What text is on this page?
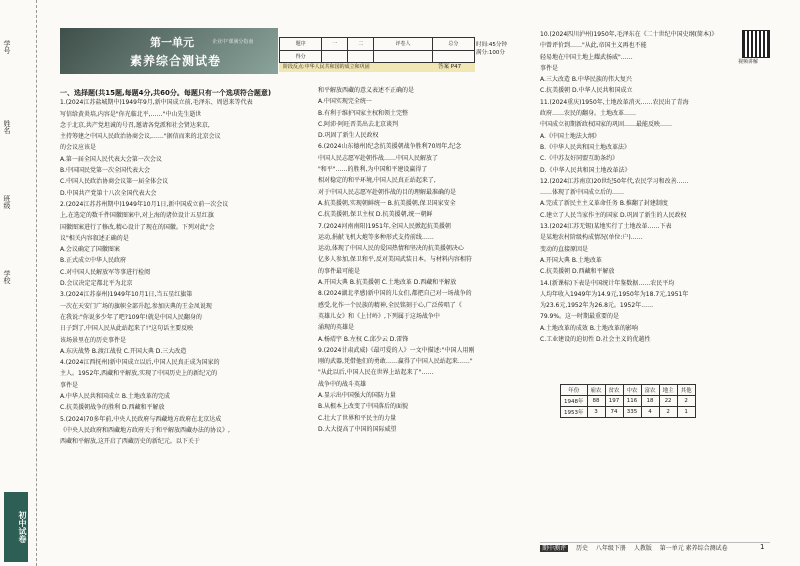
学号
姓名
班级
学校
初中试卷
第一单元
素养综合测试卷
企业中'课满分指南	题序	一	二	评卷人	总分
得分				
时间:45分钟
满分:100分
阶段反点:中华人民共和国的成立和巩固	答案 P47
视频讲解
一、选择题(共15题,每题4分,共60分。每题只有一个选项符合题意)
1.(2024江苏盐城期中)1949年9月,新中国成立前,毛泽东、周恩来等代表
写信给黄炎培,内容是"你光临北平,……"中山先生逝世
念于北京,共产党坦诚的号召,邀请各党派和社会贤达来京,
主持筹建之中国人民政治协商会议,……"据信而来的北京会议
的会议应该是
A.第一届全国人民代表大会第一次会议
B.中国国民党第一次全国代表大会
C.中国人民政治协商会议第一届全体会议
D.中国共产党第十八次全国代表大会
2.(2024江苏苏州期中)1949年10月1日,新中国成立前一次会议
上,在选定的数千件国徽图案中,对上海的诸位设计五星红旗
国徽图案进行了修改,精心设计了现在的国徽。下列对此"会
议"相关内容叙述正确的是
A.会议确定了国徽图案
B.正式成立中华人民政府
C.对中国人民解放军等事进行检阅
D.会议决定定都北平为北京
3.(2024江苏泰州)1949年10月1日,当五星红旗第
一次在天安门广场的旗帜全部升起,参加庆典的王金凤说现
在我说:"你说多少年了吧?109年!就是中国人民翻身的
日子到了,中国人民从此站起来了!"这句话主要反映
该场景里在的历史事件是
A.东庆战势 B.渡江战役 C.开国大典 D.三大改造
4.(2024江西抚州)新中国成立以后,中国人民真正成为国家的
主人。1952年,西藏和平解放,实现了中国历史上的新纪元的
事件是
A.中华人民共和国成立 B.土地改革的完成
C.抗美援朝战争的胜利 D.西藏和平解放
5.(2024)70多年前,中央人民政府与西藏地方政府在北京达成
《中央人民政府和西藏地方政府关于和平解放西藏办法的协议》,
西藏和平解放,这开启了西藏历史的新纪元。以下关于
和平解放西藏的意义表述不正确的是
A.中国实现完全统一
B.有利于维护国家主权和领土完整
C.阿沛·阿旺晋美出去北京谈判
D.巩固了新生人民政权
6.(2024山东德州)纪念抗美援朝战争胜利70周年,纪念
中国人民志愿军赴朝作战……中国人民解放了
"和平"……的胜利,为中国和平建设赢得了
相对稳定的和平环境,中国人民真正站起来了,
对于中国人民志愿军赴朝作战的目的理解最准确的是
A.抗美援朝,实现朝鲜统一 B.抗美援朝,保卫国家安全
C.抗美援朝,保卫主权 D.抗美援朝,统一朝鲜
7.(2024河南南阳)1951年,全国人民掀起抗美援朝
运动,捐献飞机大炮等多种形式支持前线……
运动,体现了中国人民的爱国热情和坚决的抗美援朝决心
亿多人参加,保卫和平,反对美国武装日本。与材料内容相符
的事件最可能是
A.开国大典 B.抗美援朝 C.土地改革 D.西藏和平解放
8.(2024湖北孝感)新中国的儿女们,都把自己对一场战争的
感受,化作一个民族的精神,全民铭刻于心,广泛传唱了《
英雄儿女》和《上甘岭》,下列属于这场战争中
涌现的英雄是
A.杨靖宇 B.左权 C.邱少云 D.雷锋
9.(2024甘肃武威)《最可爱的人》一文中描述:"中国人用刚
刚的武器,凭借他们的勇敢……赢得了中国人民站起来……"
"从此以后,中国人民在世界上站起来了"……
战争中的战斗英雄
A.显示出中国强大的国防力量
B.从根本上改变了中国落后的面貌
C.壮大了世界和平民主的力量
D.大大提高了中国的国际威望
10.(2024四川泸州)1950年,毛泽东在《二十世纪中国史纲(简本)》
中曾评价到……"从此,帝国主义再也不能
轻易地在中国土地上耀武扬威"……
事件是
A.三大改造 B.中华民族的伟大复兴
C.抗美援朝 D.中华人民共和国成立
11.(2024重庆)1950年,土地改革消灭……农民出了青海
政府……农民的翻身。土地改革……
中国成立初期新政权国家的巩固……最能反映……
A.《中国土地法大纲》
B.《中华人民共和国土地改革法》
C.《中苏友好同盟互助条约》
D.《中华人民共和国土地改革法》
12.(2024江苏南京)20世纪50年代,农民学习和改善……
……体现了新中国成立后的……
A.完成了新民主主义革命任务 B.推翻了封建制度
C.建立了人民当家作主的国家 D.巩固了新生的人民政权
13.(2024江苏无锡)某地实行了土地改革……下表
是某地农村阶级构成情况(单位:户)……
变动的直接原因是
A.开国大典 B.土地改革
C.抗美援朝 D.西藏和平解放
14.(新课标)下表是中国统计年鉴数据……农民平均
人均年收入1949年为14.9元,1950年为18.7元,1951年
为23.6元,1952年为26.8元。1952年……
79.9%。这一时期最重要的是
A.土地改革的成效 B.土地改革的影响
C.工业建设的迫切性 D.社会主义的优越性
年份	雇农	贫农	中农	富农	地主	其他
1948年	88	197	116	18	22	2
1953年	3	74	335	4	2	1
期中测评 历史 八年级下册 人教版 第一单元 素养综合测试卷	1
